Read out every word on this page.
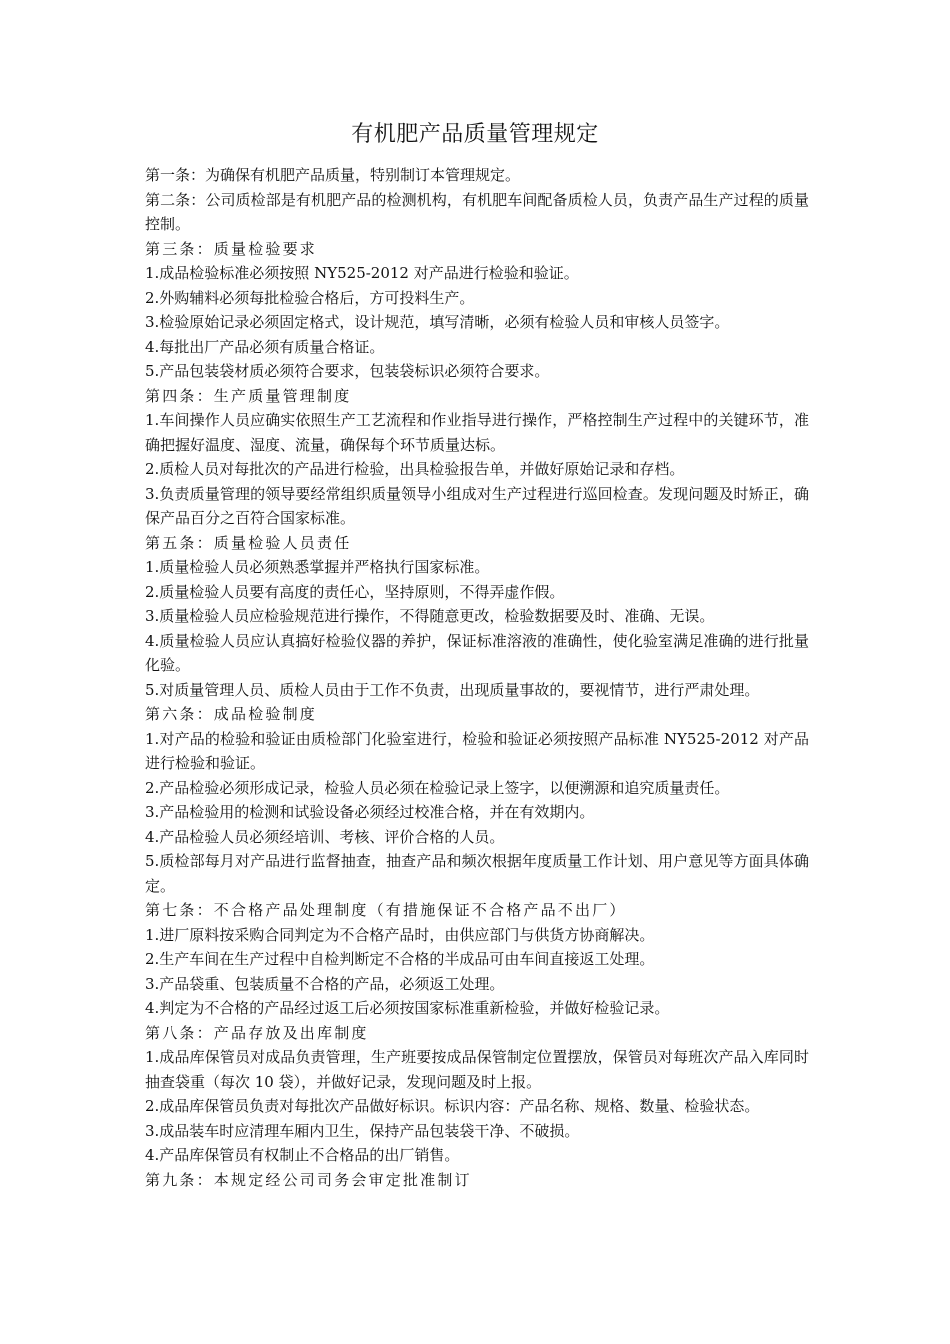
有机肥产品质量管理规定
第一条：为确保有机肥产品质量，特别制订本管理规定。
第二条：公司质检部是有机肥产品的检测机构，有机肥车间配备质检人员，负责产品生产过程的质量控制。
第三条：质量检验要求
1.成品检验标准必须按照 NY525-2012 对产品进行检验和验证。
2.外购辅料必须每批检验合格后，方可投料生产。
3.检验原始记录必须固定格式，设计规范，填写清晰，必须有检验人员和审核人员签字。
4.每批出厂产品必须有质量合格证。
5.产品包装袋材质必须符合要求，包装袋标识必须符合要求。
第四条：生产质量管理制度
1.车间操作人员应确实依照生产工艺流程和作业指导进行操作，严格控制生产过程中的关键环节，准确把握好温度、湿度、流量，确保每个环节质量达标。
2.质检人员对每批次的产品进行检验，出具检验报告单，并做好原始记录和存档。
3.负责质量管理的领导要经常组织质量领导小组成对生产过程进行巡回检查。发现问题及时矫正，确保产品百分之百符合国家标准。
第五条：质量检验人员责任
1.质量检验人员必须熟悉掌握并严格执行国家标准。
2.质量检验人员要有高度的责任心，坚持原则，不得弄虚作假。
3.质量检验人员应检验规范进行操作，不得随意更改，检验数据要及时、准确、无误。
4.质量检验人员应认真搞好检验仪器的养护，保证标准溶液的准确性，使化验室满足准确的进行批量化验。
5.对质量管理人员、质检人员由于工作不负责，出现质量事故的，要视情节，进行严肃处理。
第六条：成品检验制度
1.对产品的检验和验证由质检部门化验室进行，检验和验证必须按照产品标准 NY525-2012 对产品进行检验和验证。
2.产品检验必须形成记录，检验人员必须在检验记录上签字，以便溯源和追究质量责任。
3.产品检验用的检测和试验设备必须经过校准合格，并在有效期内。
4.产品检验人员必须经培训、考核、评价合格的人员。
5.质检部每月对产品进行监督抽查，抽查产品和频次根据年度质量工作计划、用户意见等方面具体确定。
第七条：不合格产品处理制度（有措施保证不合格产品不出厂）
1.进厂原料按采购合同判定为不合格产品时，由供应部门与供货方协商解决。
2.生产车间在生产过程中自检判断定不合格的半成品可由车间直接返工处理。
3.产品袋重、包装质量不合格的产品，必须返工处理。
4.判定为不合格的产品经过返工后必须按国家标准重新检验，并做好检验记录。
第八条：产品存放及出库制度
1.成品库保管员对成品负责管理，生产班要按成品保管制定位置摆放，保管员对每班次产品入库同时抽查袋重（每次 10 袋），并做好记录，发现问题及时上报。
2.成品库保管员负责对每批次产品做好标识。标识内容：产品名称、规格、数量、检验状态。
3.成品装车时应清理车厢内卫生，保持产品包装袋干净、不破损。
4.产品库保管员有权制止不合格品的出厂销售。
第九条：本规定经公司司务会审定批准制订
